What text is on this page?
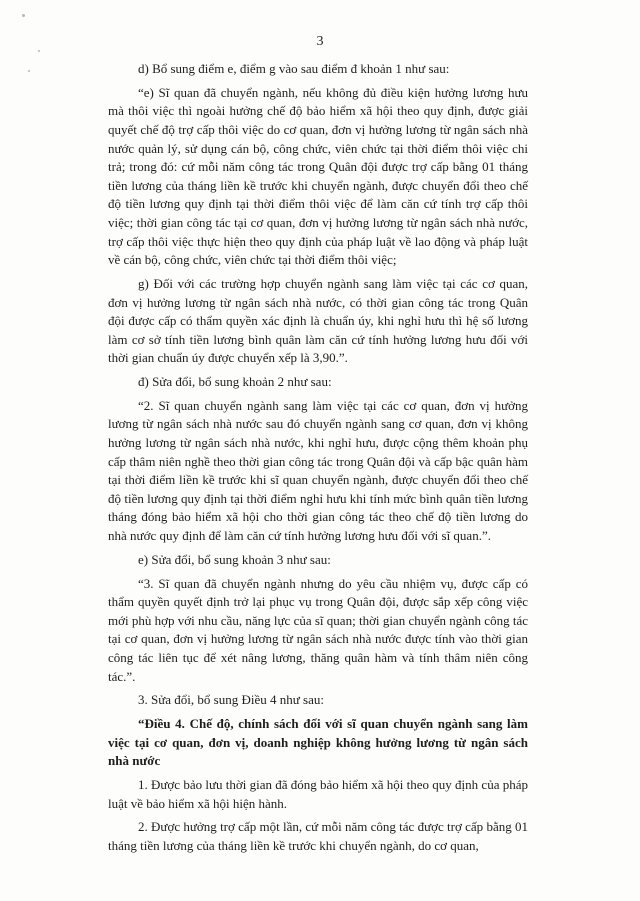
3

d) Bổ sung điểm e, điểm g vào sau điểm đ khoản 1 như sau:

“e) Sĩ quan đã chuyển ngành, nếu không đủ điều kiện hưởng lương hưu mà thôi việc thì ngoài hưởng chế độ bảo hiểm xã hội theo quy định, được giải quyết chế độ trợ cấp thôi việc do cơ quan, đơn vị hưởng lương từ ngân sách nhà nước quản lý, sử dụng cán bộ, công chức, viên chức tại thời điểm thôi việc chi trả; trong đó: cứ mỗi năm công tác trong Quân đội được trợ cấp bằng 01 tháng tiền lương của tháng liền kề trước khi chuyển ngành, được chuyển đổi theo chế độ tiền lương quy định tại thời điểm thôi việc để làm căn cứ tính trợ cấp thôi việc; thời gian công tác tại cơ quan, đơn vị hưởng lương từ ngân sách nhà nước, trợ cấp thôi việc thực hiện theo quy định của pháp luật về lao động và pháp luật về cán bộ, công chức, viên chức tại thời điểm thôi việc;

g) Đối với các trường hợp chuyển ngành sang làm việc tại các cơ quan, đơn vị hưởng lương từ ngân sách nhà nước, có thời gian công tác trong Quân đội được cấp có thẩm quyền xác định là chuẩn úy, khi nghỉ hưu thì hệ số lương làm cơ sở tính tiền lương bình quân làm căn cứ tính hưởng lương hưu đối với thời gian chuẩn úy được chuyển xếp là 3,90.”.

đ) Sửa đổi, bổ sung khoản 2 như sau:

“2. Sĩ quan chuyển ngành sang làm việc tại các cơ quan, đơn vị hưởng lương từ ngân sách nhà nước sau đó chuyển ngành sang cơ quan, đơn vị không hưởng lương từ ngân sách nhà nước, khi nghỉ hưu, được cộng thêm khoản phụ cấp thâm niên nghề theo thời gian công tác trong Quân đội và cấp bậc quân hàm tại thời điểm liền kề trước khi sĩ quan chuyển ngành, được chuyển đổi theo chế độ tiền lương quy định tại thời điểm nghỉ hưu khi tính mức bình quân tiền lương tháng đóng bảo hiểm xã hội cho thời gian công tác theo chế độ tiền lương do nhà nước quy định để làm căn cứ tính hưởng lương hưu đối với sĩ quan.”.

e) Sửa đổi, bổ sung khoản 3 như sau:

“3. Sĩ quan đã chuyển ngành nhưng do yêu cầu nhiệm vụ, được cấp có thẩm quyền quyết định trở lại phục vụ trong Quân đội, được sắp xếp công việc mới phù hợp với nhu cầu, năng lực của sĩ quan; thời gian chuyển ngành công tác tại cơ quan, đơn vị hưởng lương từ ngân sách nhà nước được tính vào thời gian công tác liên tục để xét nâng lương, thăng quân hàm và tính thâm niên công tác.”.

3. Sửa đổi, bổ sung Điều 4 như sau:

“Điều 4. Chế độ, chính sách đối với sĩ quan chuyển ngành sang làm việc tại cơ quan, đơn vị, doanh nghiệp không hưởng lương từ ngân sách nhà nước

1. Được bảo lưu thời gian đã đóng bảo hiểm xã hội theo quy định của pháp luật về bảo hiểm xã hội hiện hành.

2. Được hưởng trợ cấp một lần, cứ mỗi năm công tác được trợ cấp bằng 01 tháng tiền lương của tháng liền kề trước khi chuyển ngành, do cơ quan,
